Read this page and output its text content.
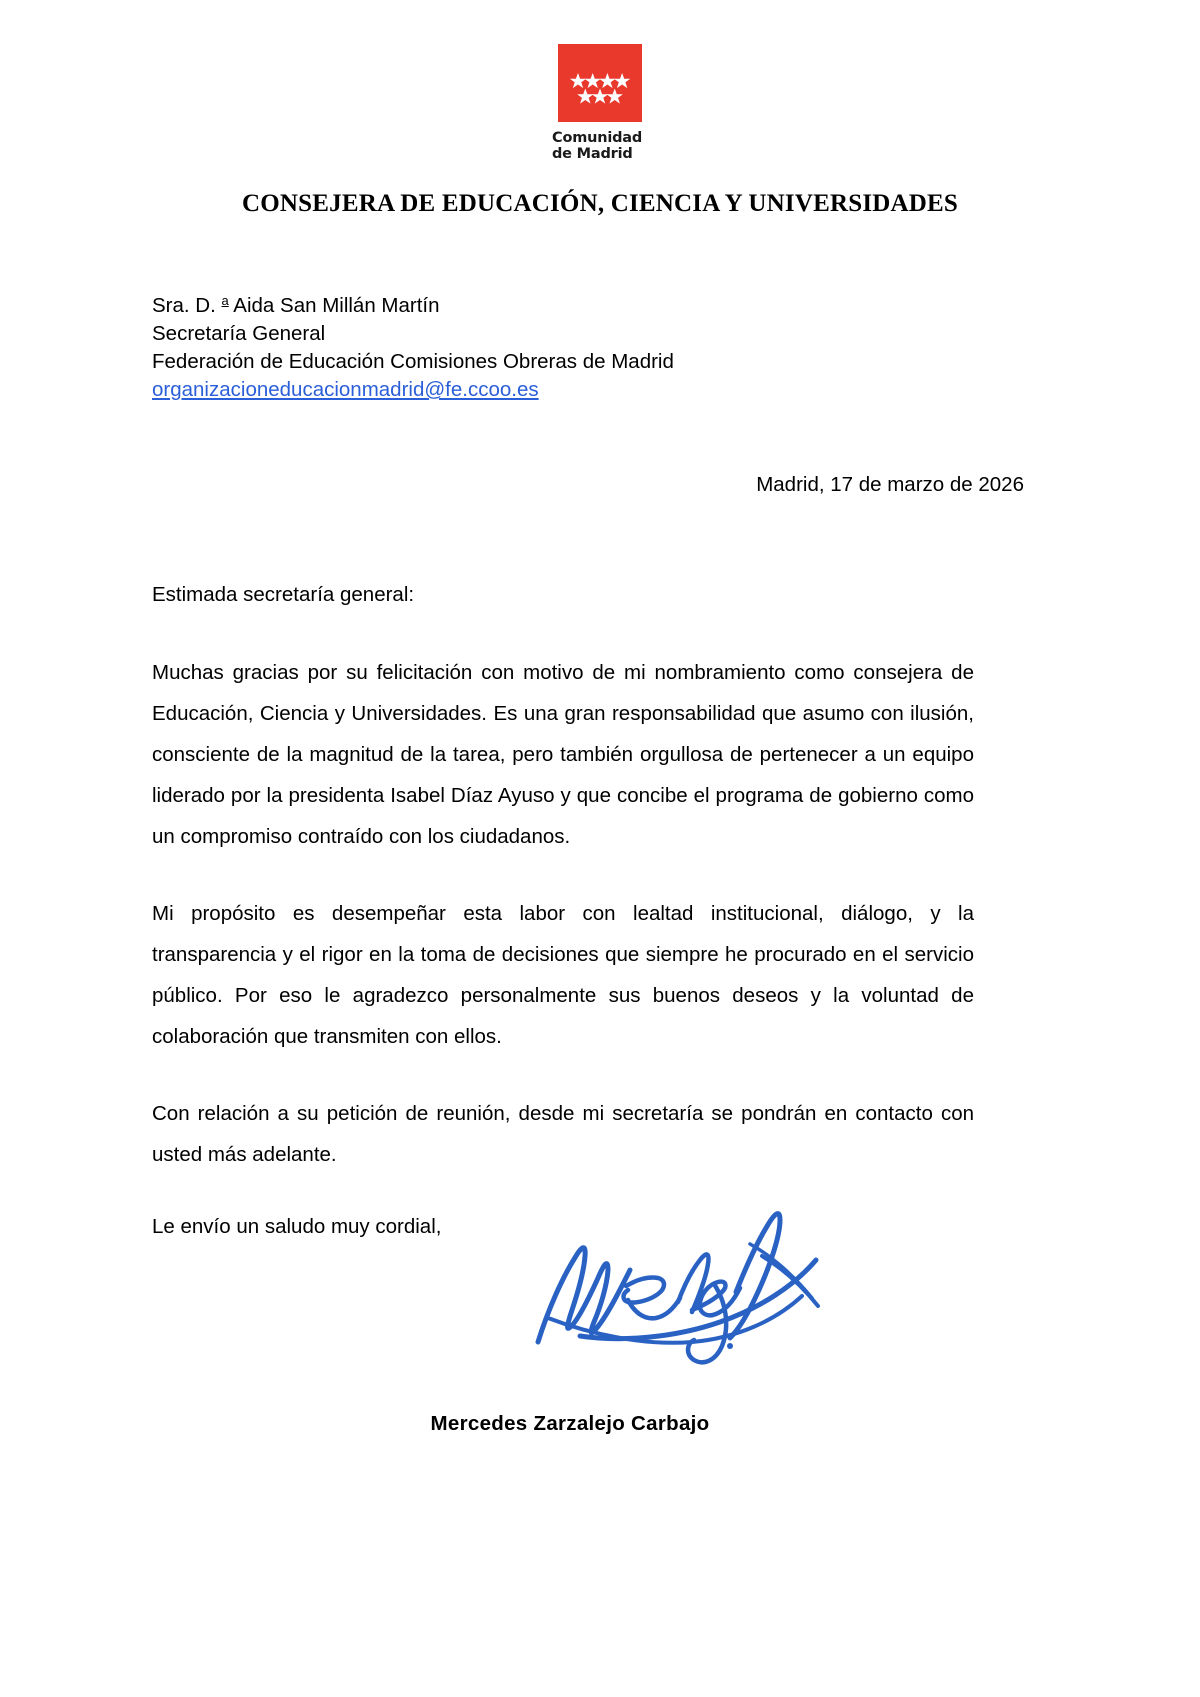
Comunidad
de Madrid
CONSEJERA DE EDUCACIÓN, CIENCIA Y UNIVERSIDADES
Sra. D. $^a$ Aida San Millán Martín
Secretaría General
Federación de Educación Comisiones Obreras de Madrid
organizacioneducacionmadrid@fe.ccoo.es
Madrid, 17 de marzo de 2026

Estimada secretaría general:

Muchas gracias por su felicitación con motivo de mi nombramiento como consejera de Educación, Ciencia y Universidades. Es una gran responsabilidad que asumo con ilusión, consciente de la magnitud de la tarea, pero también orgullosa de pertenecer a un equipo liderado por la presidenta Isabel Díaz Ayuso y que concibe el programa de gobierno como un compromiso contraído con los ciudadanos.

Mi propósito es desempeñar esta labor con lealtad institucional, diálogo, y la transparencia y el rigor en la toma de decisiones que siempre he procurado en el servicio público. Por eso le agradezco personalmente sus buenos deseos y la voluntad de colaboración que transmiten con ellos.

Con relación a su petición de reunión, desde mi secretaría se pondrán en contacto con usted más adelante.

Le envío un saludo muy cordial,

Mercedes Zarzalejo Carbajo
